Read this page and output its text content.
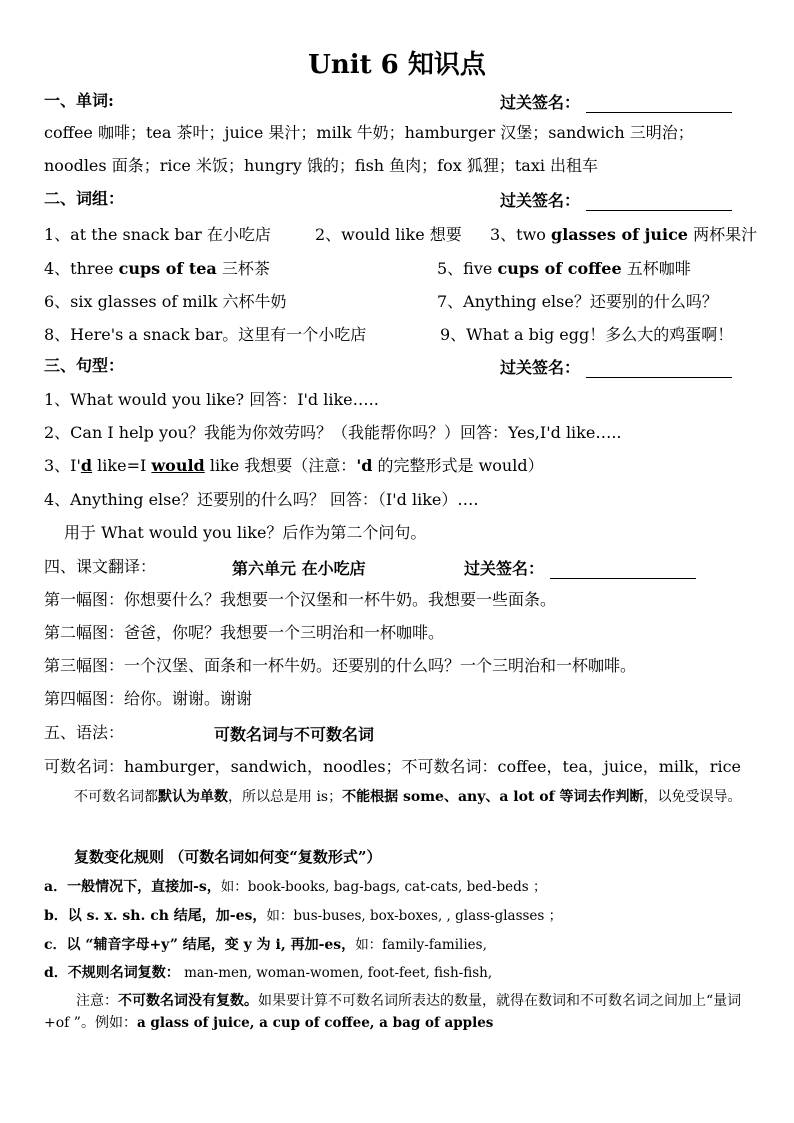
Unit 6 知识点
一、单词:	过关签名：
coffee 咖啡；tea 茶叶；juice 果汁；milk 牛奶；hamburger 汉堡；sandwich 三明治；
noodles 面条；rice 米饭；hungry 饿的；fish 鱼肉；fox 狐狸；taxi 出租车
二、词组：	过关签名：
1、at the snack bar 在小吃店	2、would like 想要 3、two glasses of juice 两杯果汁
4、three cups of tea 三杯茶	5、five cups of coffee 五杯咖啡
6、six glasses of milk 六杯牛奶	7、Anything else？还要别的什么吗？
8、Here's a snack bar。这里有一个小吃店	9、What a big egg！多么大的鸡蛋啊！
三、句型：	过关签名：
1、What would you like? 回答：I'd like…..
2、Can I help you？我能为你效劳吗？（我能帮你吗？）回答：Yes,I'd like…..
3、I'd like=I would like 我想要（注意：'d 的完整形式是 would）
4、Anything else？还要别的什么吗？ 回答：（I'd like）….
用于 What would you like？后作为第二个问句。
四、课文翻译：	第六单元 在小吃店	过关签名：
第一幅图：你想要什么？我想要一个汉堡和一杯牛奶。我想要一些面条。
第二幅图：爸爸，你呢？我想要一个三明治和一杯咖啡。
第三幅图：一个汉堡、面条和一杯牛奶。还要别的什么吗？一个三明治和一杯咖啡。
第四幅图：给你。谢谢。谢谢
五、语法：	可数名词与不可数名词
可数名词：hamburger，sandwich，noodles；不可数名词：coffee，tea，juice，milk，rice
不可数名词都默认为单数，所以总是用 is；不能根据 some、any、a lot of 等词去作判断，以免受误导。
复数变化规则 （可数名词如何变“复数形式”）
a．一般情况下，直接加-s，如：book-books, bag-bags, cat-cats, bed-beds ；
b．以 s. x. sh. ch 结尾，加-es，如：bus-buses, box-boxes, , glass-glasses ；
c．以 “辅音字母+y” 结尾，变 y 为 i, 再加-es，如：family-families,
d．不规则名词复数： man-men, woman-women, foot-feet, fish-fish,
注意：不可数名词没有复数。如果要计算不可数名词所表达的数量，就得在数词和不可数名词之间加上“量词+of ”。例如：a glass of juice, a cup of coffee, a bag of apples
